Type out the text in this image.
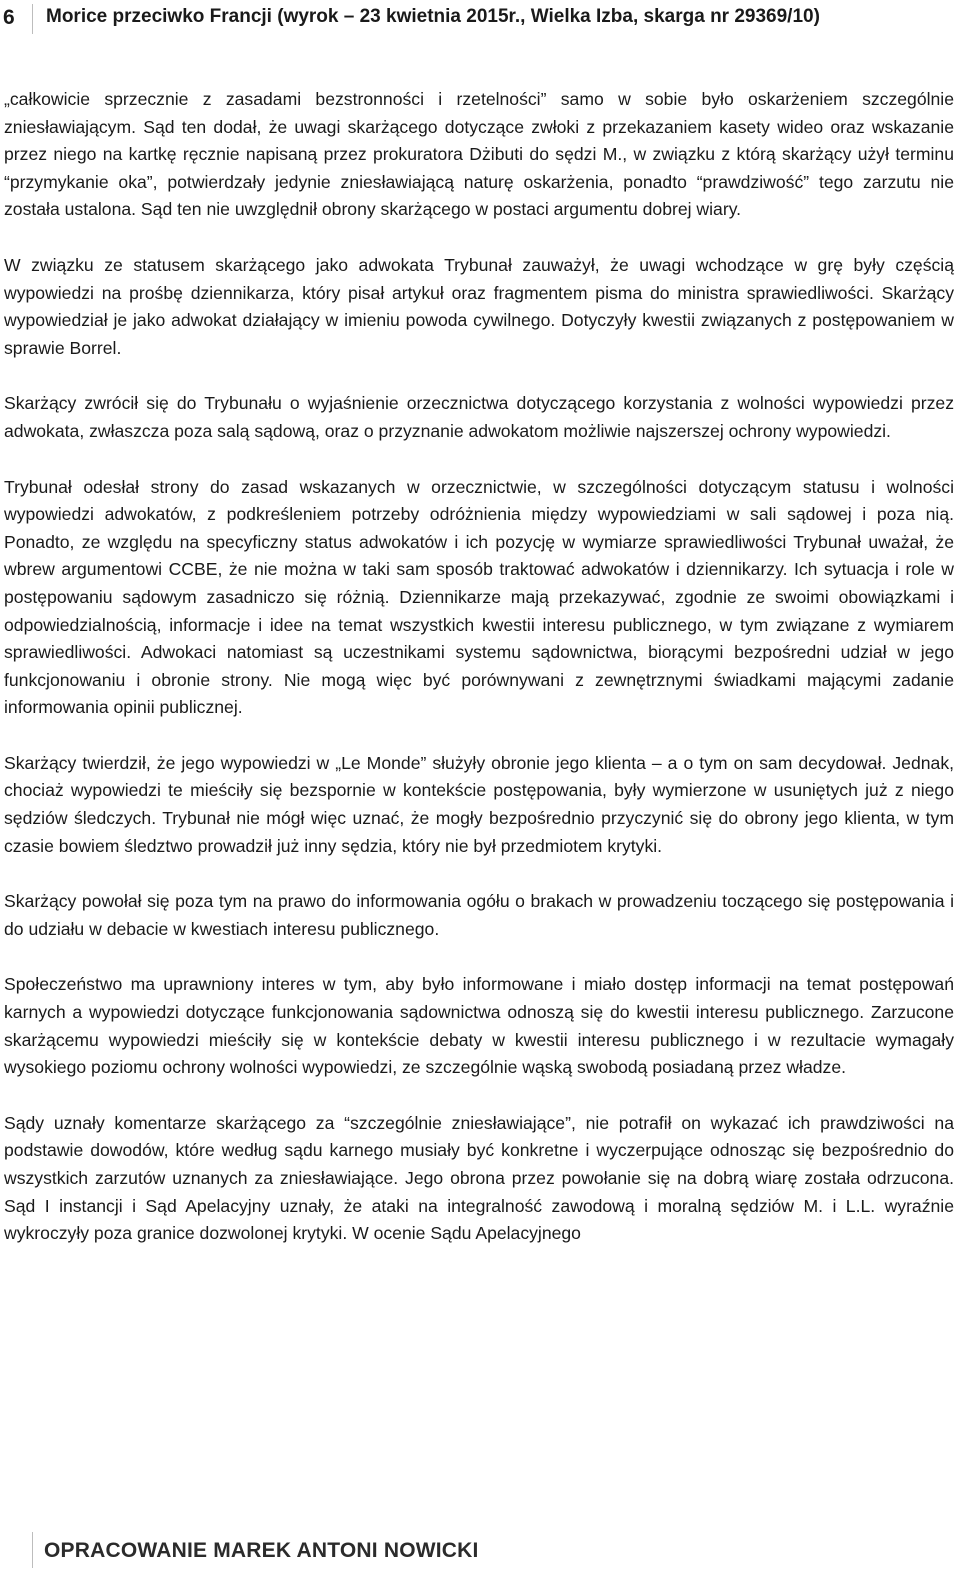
6 Morice przeciwko Francji (wyrok – 23 kwietnia 2015r., Wielka Izba, skarga nr 29369/10)

„całkowicie sprzecznie z zasadami bezstronności i rzetelności” samo w sobie było oskarżeniem szczególnie zniesławiającym. Sąd ten dodał, że uwagi skarżącego dotyczące zwłoki z przekazaniem kasety wideo oraz wskazanie przez niego na kartkę ręcznie napisaną przez prokuratora Dżibuti do sędzi M., w związku z którą skarżący użył terminu “przymykanie oka”, potwierdzały jedynie zniesławiającą naturę oskarżenia, ponadto “prawdziwość” tego zarzutu nie została ustalona. Sąd ten nie uwzględnił obrony skarżącego w postaci argumentu dobrej wiary.

W związku ze statusem skarżącego jako adwokata Trybunał zauważył, że uwagi wchodzące w grę były częścią wypowiedzi na prośbę dziennikarza, który pisał artykuł oraz fragmentem pisma do ministra sprawiedliwości. Skarżący wypowiedział je jako adwokat działający w imieniu powoda cywilnego. Dotyczyły kwestii związanych z postępowaniem w sprawie Borrel.

Skarżący zwrócił się do Trybunału o wyjaśnienie orzecznictwa dotyczącego korzystania z wolności wypowiedzi przez adwokata, zwłaszcza poza salą sądową, oraz o przyznanie adwokatom możliwie najszerszej ochrony wypowiedzi.

Trybunał odesłał strony do zasad wskazanych w orzecznictwie, w szczególności dotyczącym statusu i wolności wypowiedzi adwokatów, z podkreśleniem potrzeby odróżnienia między wypowiedziami w sali sądowej i poza nią. Ponadto, ze względu na specyficzny status adwokatów i ich pozycję w wymiarze sprawiedliwości Trybunał uważał, że wbrew argumentowi CCBE, że nie można w taki sam sposób traktować adwokatów i dziennikarzy. Ich sytuacja i role w postępowaniu sądowym zasadniczo się różnią. Dziennikarze mają przekazywać, zgodnie ze swoimi obowiązkami i odpowiedzialnością, informacje i idee na temat wszystkich kwestii interesu publicznego, w tym związane z wymiarem sprawiedliwości. Adwokaci natomiast są uczestnikami systemu sądownictwa, biorącymi bezpośredni udział w jego funkcjonowaniu i obronie strony. Nie mogą więc być porównywani z zewnętrznymi świadkami mającymi zadanie informowania opinii publicznej.

Skarżący twierdził, że jego wypowiedzi w „Le Monde” służyły obronie jego klienta – a o tym on sam decydował. Jednak, chociaż wypowiedzi te mieściły się bezspornie w kontekście postępowania, były wymierzone w usuniętych już z niego sędziów śledczych. Trybunał nie mógł więc uznać, że mogły bezpośrednio przyczynić się do obrony jego klienta, w tym czasie bowiem śledztwo prowadził już inny sędzia, który nie był przedmiotem krytyki.

Skarżący powołał się poza tym na prawo do informowania ogółu o brakach w prowadzeniu toczącego się postępowania i do udziału w debacie w kwestiach interesu publicznego.

Społeczeństwo ma uprawniony interes w tym, aby było informowane i miało dostęp informacji na temat postępowań karnych a wypowiedzi dotyczące funkcjonowania sądownictwa odnoszą się do kwestii interesu publicznego. Zarzucone skarżącemu wypowiedzi mieściły się w kontekście debaty w kwestii interesu publicznego i w rezultacie wymagały wysokiego poziomu ochrony wolności wypowiedzi, ze szczególnie wąską swobodą posiadaną przez władze.

Sądy uznały komentarze skarżącego za “szczególnie zniesławiające”, nie potrafił on wykazać ich prawdziwości na podstawie dowodów, które według sądu karnego musiały być konkretne i wyczerpujące odnosząc się bezpośrednio do wszystkich zarzutów uznanych za zniesławiające. Jego obrona przez powołanie się na dobrą wiarę została odrzucona. Sąd I instancji i Sąd Apelacyjny uznały, że ataki na integralność zawodową i moralną sędziów M. i L.L. wyraźnie wykroczyły poza granice dozwolonej krytyki. W ocenie Sądu Apelacyjnego

OPRACOWANIE MAREK ANTONI NOWICKI
